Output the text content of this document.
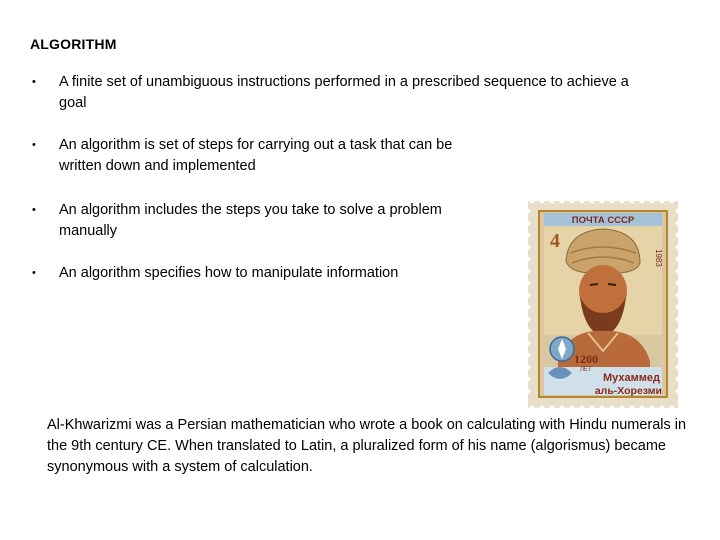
ALGORITHM
•	A finite set of unambiguous instructions performed in a prescribed sequence to achieve a goal
•	An algorithm is set of steps for carrying out a task that can be written down and implemented
•	An algorithm includes the steps you take to solve a problem manually
•	An algorithm specifies how to manipulate information
ПОЧТА СССР
4
1983
1200
ЛЕТ
Мухаммед
аль-Хорезми
Al-Khwarizmi was a Persian mathematician who wrote a book on calculating with Hindu numerals in the 9th century CE. When translated to Latin, a pluralized form of his name (algorismus) became synonymous with a system of calculation.
